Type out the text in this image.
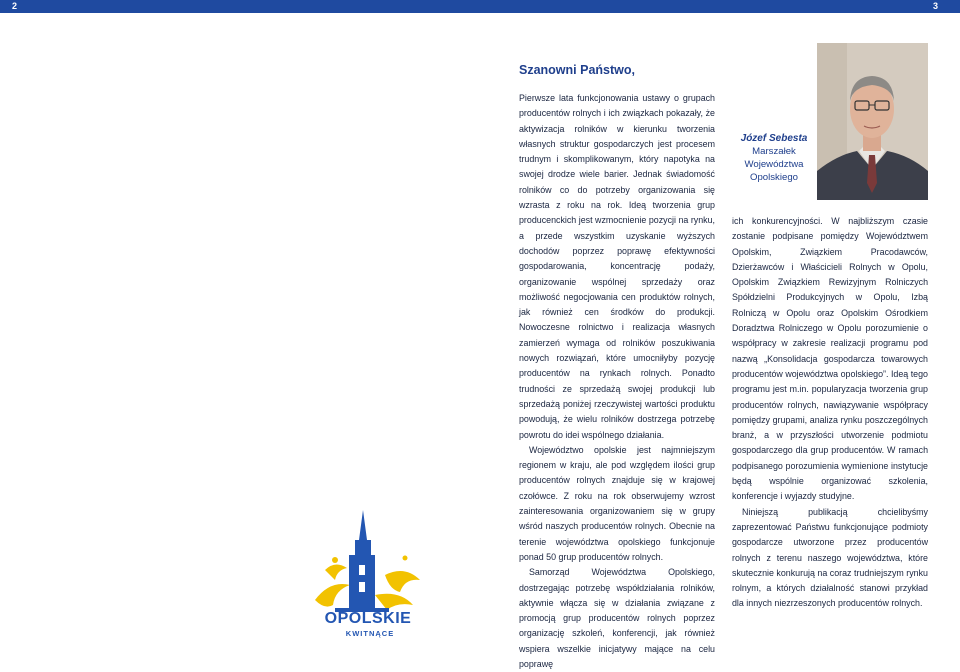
2	3
Szanowni Państwo,

Pierwsze lata funkcjonowania ustawy o grupach producentów rolnych i ich związkach pokazały, że aktywizacja rolników w kierunku tworzenia własnych struktur gospodarczych jest procesem trudnym i skomplikowanym, który napotyka na swojej drodze wiele barier. Jednak świadomość rolników co do potrzeby organizowania się wzrasta z roku na rok. Ideą tworzenia grup producenckich jest wzmocnienie pozycji na rynku, a przede wszystkim uzyskanie wyższych dochodów poprzez poprawę efektywności gospodarowania, koncentrację podaży, organizowanie wspólnej sprzedaży oraz możliwość negocjowania cen produktów rolnych, jak również cen środków do produkcji. Nowoczesne rolnictwo i realizacja własnych zamierzeń wymaga od rolników poszukiwania nowych rozwiązań, które umocniłyby pozycję producentów na rynkach rolnych. Ponadto trudności ze sprzedażą swojej produkcji lub sprzedażą poniżej rzeczywistej wartości produktu powodują, że wielu rolników dostrzega potrzebę powrotu do idei wspólnego działania.

Województwo opolskie jest najmniejszym regionem w kraju, ale pod względem ilości grup producentów rolnych znajduje się w krajowej czołówce. Z roku na rok obserwujemy wzrost zainteresowania organizowaniem się w grupy wśród naszych producentów rolnych. Obecnie na terenie województwa opolskiego funkcjonuje ponad 50 grup producentów rolnych.

Samorząd Województwa Opolskiego, dostrzegając potrzebę współdziałania rolników, aktywnie włącza się w działania związane z promocją grup producentów rolnych poprzez organizację szkoleń, konferencji, jak również wspiera wszelkie inicjatywy mające na celu poprawę

ich konkurencyjności. W najbliższym czasie zostanie podpisane pomiędzy Województwem Opolskim, Związkiem Pracodawców, Dzierżawców i Właścicieli Rolnych w Opolu, Opolskim Związkiem Rewizyjnym Rolniczych Spółdzielni Produkcyjnych w Opolu, Izbą Rolniczą w Opolu oraz Opolskim Ośrodkiem Doradztwa Rolniczego w Opolu porozumienie o współpracy w zakresie realizacji programu pod nazwą „Konsolidacja gospodarcza towarowych producentów województwa opolskiego”. Ideą tego programu jest m.in. popularyzacja tworzenia grup producentów rolnych, nawiązywanie współpracy pomiędzy grupami, analiza rynku poszczególnych branż, a w przyszłości utworzenie podmiotu gospodarczego dla grup producentów. W ramach podpisanego porozumienia wymienione instytucje będą wspólnie organizować szkolenia, konferencje i wyjazdy studyjne.

Niniejszą publikacją chcielibyśmy zaprezentować Państwu funkcjonujące podmioty gospodarcze utworzone przez producentów rolnych z terenu naszego województwa, które skutecznie konkurują na coraz trudniejszym rynku rolnym, a których działalność stanowi przykład dla innych niezrzeszonych producentów rolnych.

Józef Sebesta
Marszałek
Województwa
Opolskiego
OPOLSKIE
KWITNĄCE
